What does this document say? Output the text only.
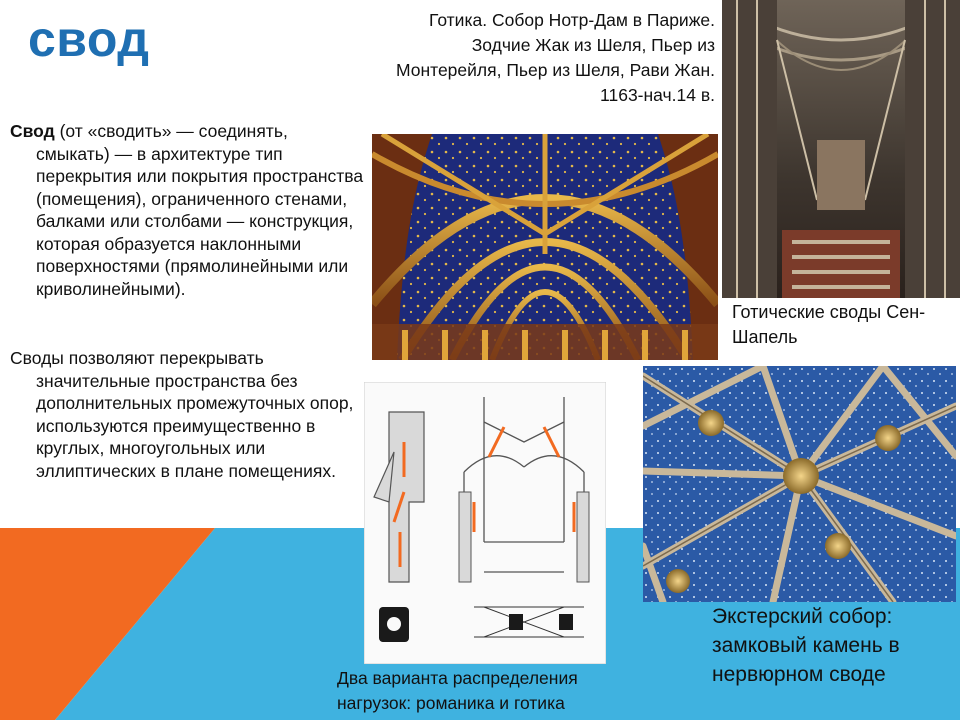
свод

Свод (от «сводить» — соединять, смыкать) — в архитектуре тип перекрытия или покрытия пространства (помещения), ограниченного стенами, балками или столбами — конструкция, которая образуется наклонными поверхностями (прямолинейными или криволинейными).

Своды позволяют перекрывать значительные пространства без дополнительных промежуточных опор, используются преимущественно в круглых, многоугольных или эллиптических в плане помещениях.

Готика. Собор Нотр-Дам в Париже. Зодчие Жак из Шеля, Пьер из Монтерейля, Пьер из Шеля, Рави Жан. 1163-нач.14 в.
Готические своды Сен-Шапель
Два варианта распределения нагрузок: романика и готика
Экстерский собор: замковый камень в нервюрном своде
